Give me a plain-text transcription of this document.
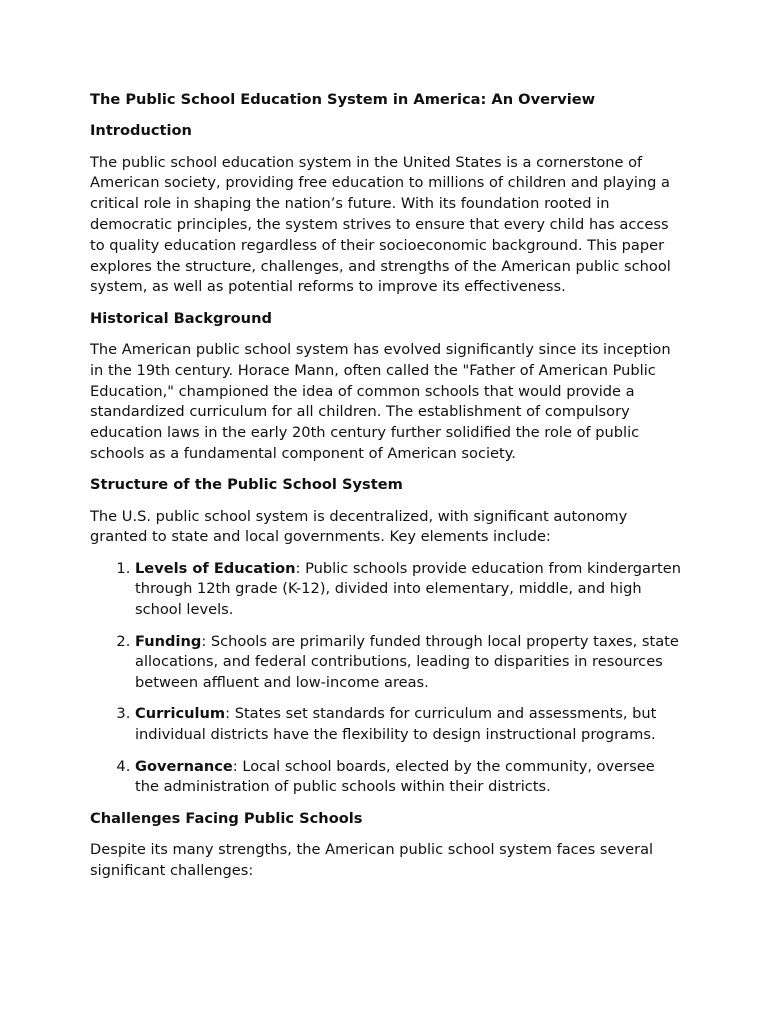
The Public School Education System in America: An Overview
Introduction
The public school education system in the United States is a cornerstone of American society, providing free education to millions of children and playing a critical role in shaping the nation’s future. With its foundation rooted in democratic principles, the system strives to ensure that every child has access to quality education regardless of their socioeconomic background. This paper explores the structure, challenges, and strengths of the American public school system, as well as potential reforms to improve its effectiveness.
Historical Background
The American public school system has evolved significantly since its inception in the 19th century. Horace Mann, often called the "Father of American Public Education," championed the idea of common schools that would provide a standardized curriculum for all children. The establishment of compulsory education laws in the early 20th century further solidified the role of public schools as a fundamental component of American society.
Structure of the Public School System
The U.S. public school system is decentralized, with significant autonomy granted to state and local governments. Key elements include:
1. Levels of Education: Public schools provide education from kindergarten through 12th grade (K-12), divided into elementary, middle, and high school levels.
2. Funding: Schools are primarily funded through local property taxes, state allocations, and federal contributions, leading to disparities in resources between affluent and low-income areas.
3. Curriculum: States set standards for curriculum and assessments, but individual districts have the flexibility to design instructional programs.
4. Governance: Local school boards, elected by the community, oversee the administration of public schools within their districts.
Challenges Facing Public Schools
Despite its many strengths, the American public school system faces several significant challenges:
